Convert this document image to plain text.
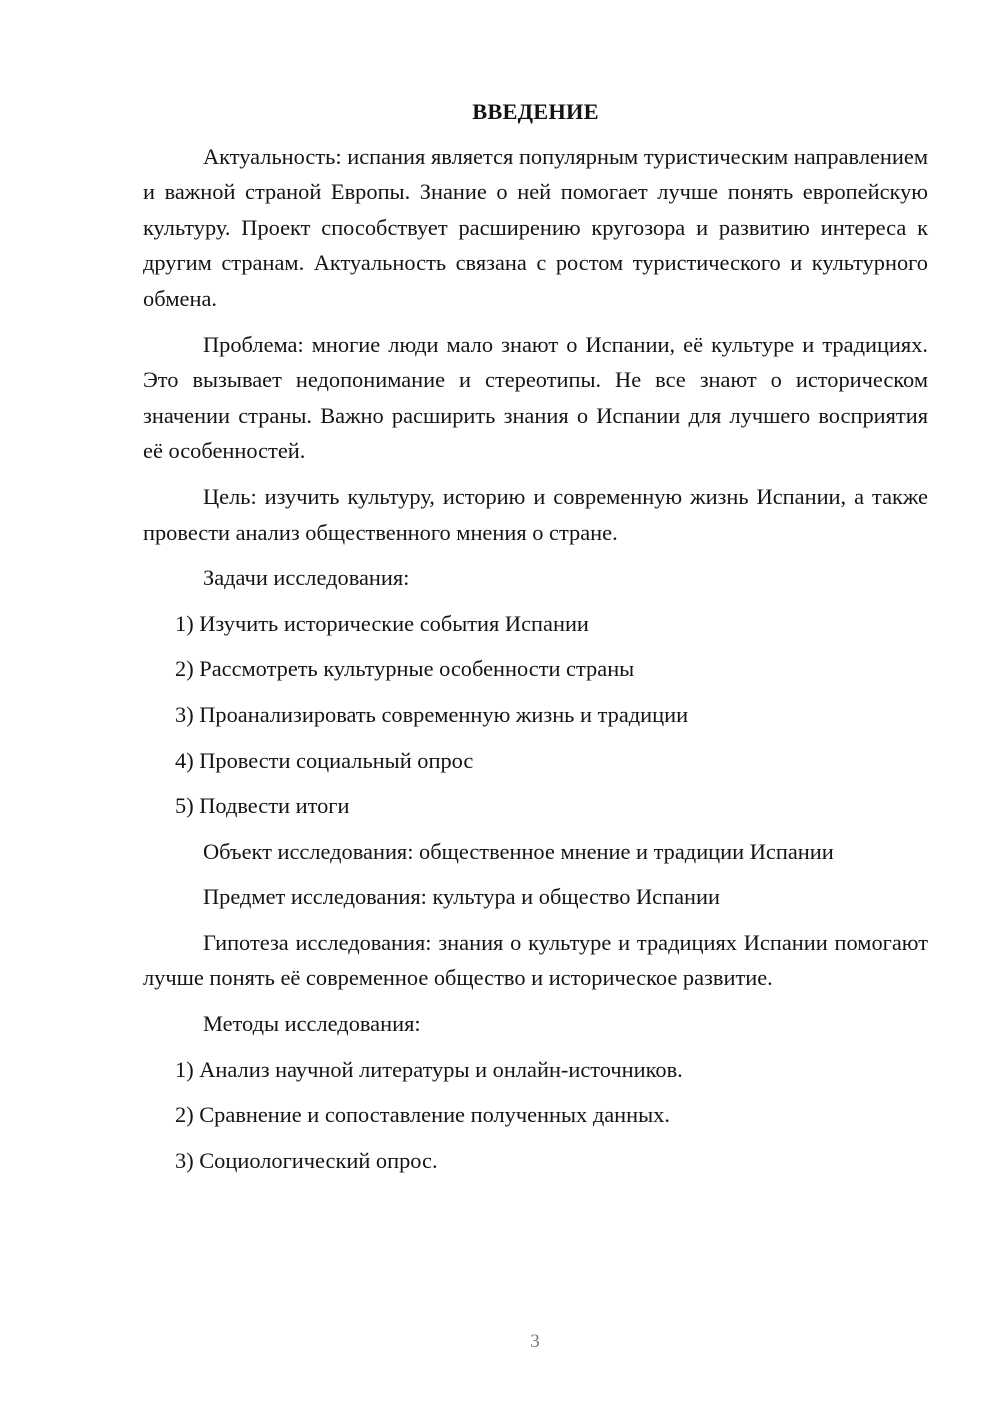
ВВЕДЕНИЕ

Актуальность: испания является популярным туристическим направлением и важной страной Европы. Знание о ней помогает лучше понять европейскую культуру. Проект способствует расширению кругозора и развитию интереса к другим странам. Актуальность связана с ростом туристического и культурного обмена.

Проблема: многие люди мало знают о Испании, её культуре и традициях. Это вызывает недопонимание и стереотипы. Не все знают о историческом значении страны. Важно расширить знания о Испании для лучшего восприятия её особенностей.

Цель: изучить культуру, историю и современную жизнь Испании, а также провести анализ общественного мнения о стране.

Задачи исследования:

1) Изучить исторические события Испании

2) Рассмотреть культурные особенности страны

3) Проанализировать современную жизнь и традиции

4) Провести социальный опрос

5) Подвести итоги

Объект исследования: общественное мнение и традиции Испании

Предмет исследования: культура и общество Испании

Гипотеза исследования: знания о культуре и традициях Испании помогают лучше понять её современное общество и историческое развитие.

Методы исследования:

1) Анализ научной литературы и онлайн-источников.

2) Сравнение и сопоставление полученных данных.

3) Социологический опрос.

3
